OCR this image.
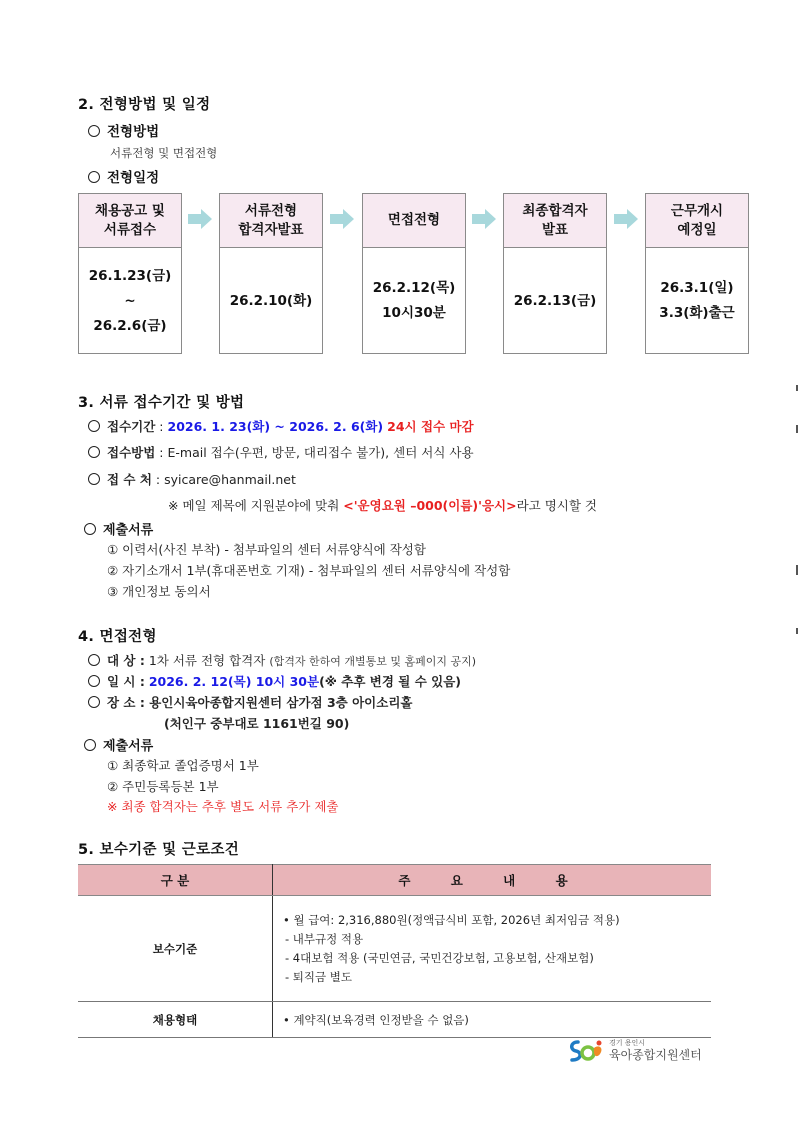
2. 전형방법 및 일정
전형방법
서류전형 및 면접전형
전형일정
채용공고 및
서류접수
26.1.23(금)
~
26.2.6(금)
서류전형
합격자발표
26.2.10(화)
면접전형
26.2.12(목)
10시30분
최종합격자
발표
26.2.13(금)
근무개시
예정일
26.3.1(일)
3.3(화)출근
3. 서류 접수기간 및 방법
접수기간 : 2026. 1. 23(화) ~ 2026. 2. 6(화) 24시 접수 마감
접수방법 : E-mail 접수(우편, 방문, 대리접수 불가), 센터 서식 사용
접 수 처 : syicare@hanmail.net
※ 메일 제목에 지원분야에 맞춰 <'운영요원 –000(이름)'응시>라고 명시할 것
제출서류
① 이력서(사진 부착) - 첨부파일의 센터 서류양식에 작성함
② 자기소개서 1부(휴대폰번호 기재) - 첨부파일의 센터 서류양식에 작성함
③ 개인정보 동의서
4. 면접전형
대 상 : 1차 서류 전형 합격자 (합격자 한하여 개별통보 및 홈페이지 공지)
일 시 : 2026. 2. 12(목) 10시 30분(※ 추후 변경 될 수 있음)
장 소 : 용인시육아종합지원센터 삼가점 3층 아이소리홀
(처인구 중부대로 1161번길 90)
제출서류
① 최종학교 졸업증명서 1부
② 주민등록등본 1부
※ 최종 합격자는 추후 별도 서류 추가 제출
5. 보수기준 및 근로조건
구 분	주 요 내 용
보수기준	• 월 급여: 2,316,880원(정액급식비 포함, 2026년 최저임금 적용)
- 내부규정 적용
- 4대보험 적용 (국민연금, 국민건강보험, 고용보험, 산재보험)
- 퇴직금 별도

채용형태	• 계약직(보육경력 인정받을 수 없음)
경기 용인시
육아종합지원센터
